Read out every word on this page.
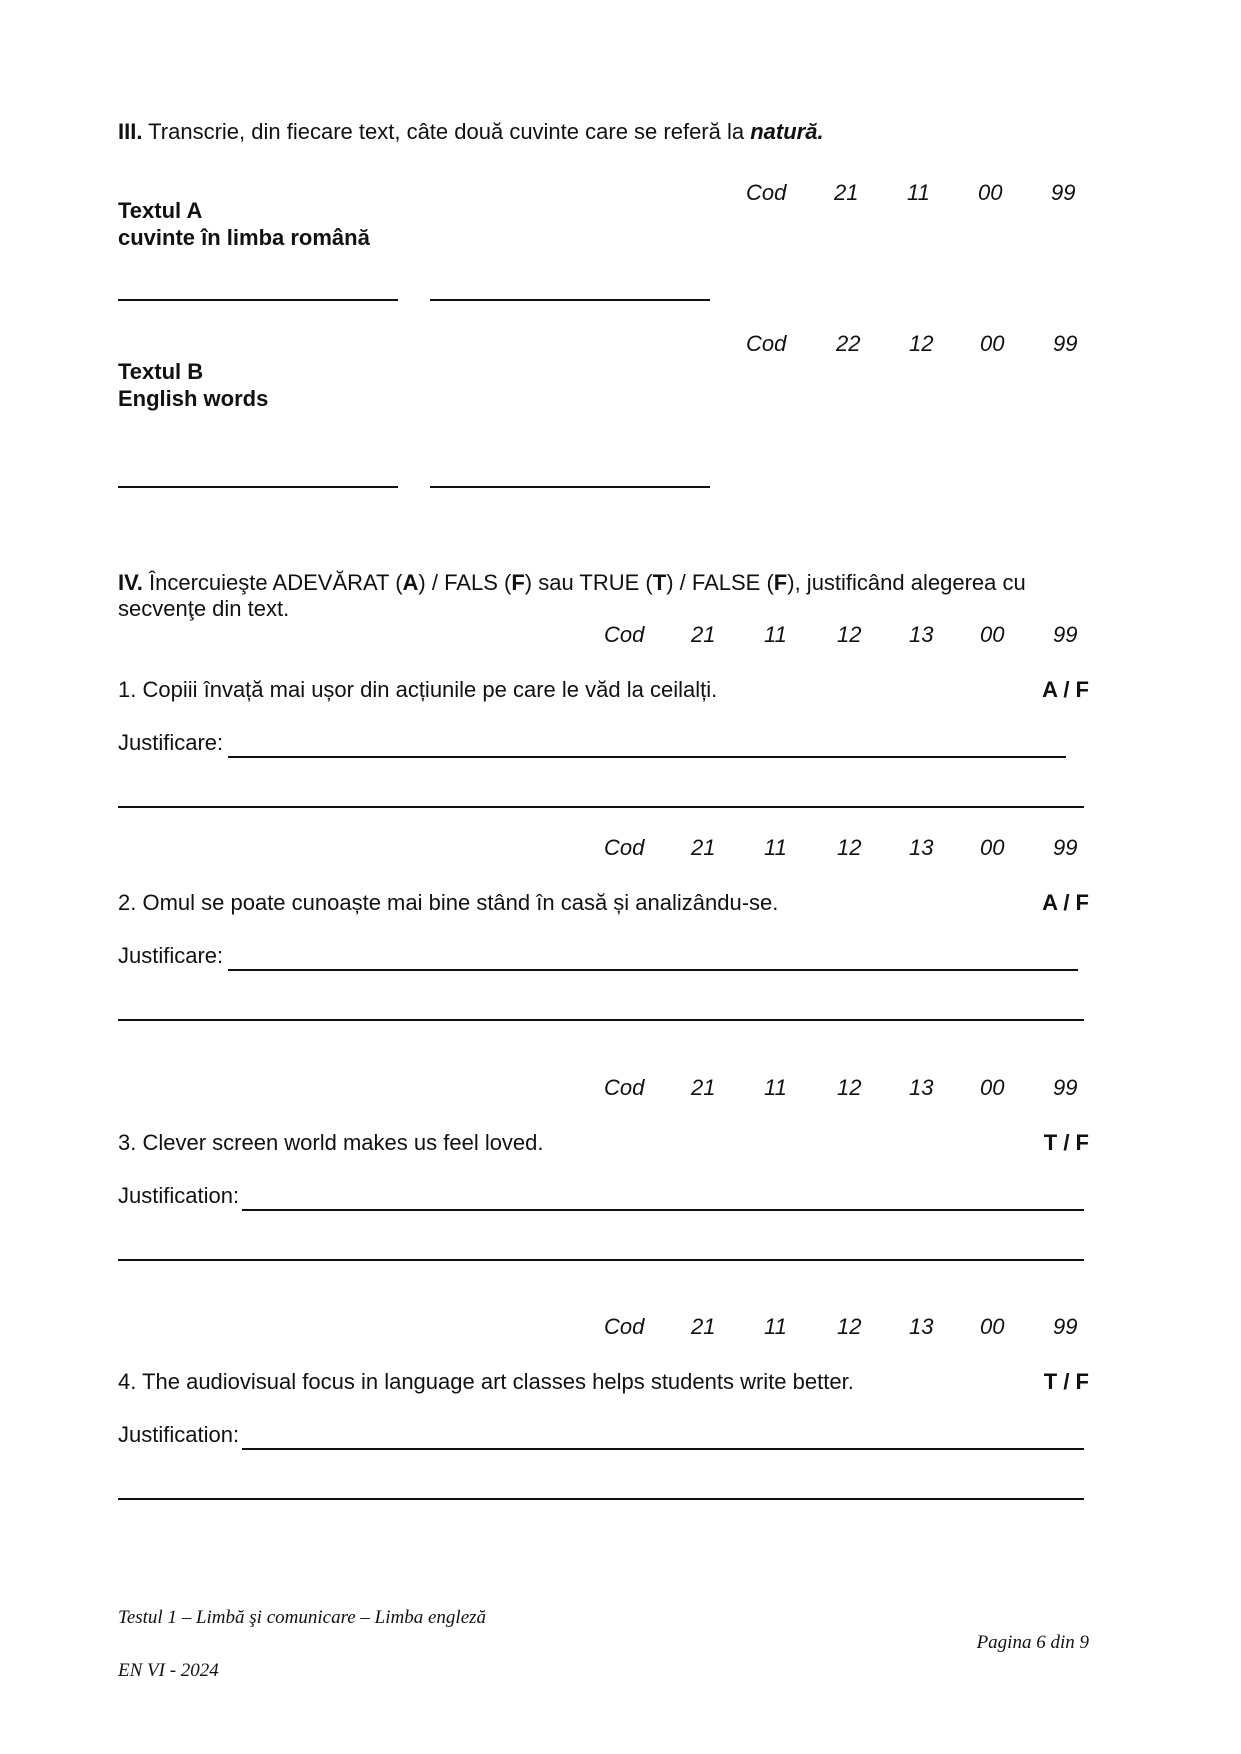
III. Transcrie, din fiecare text, câte două cuvinte care se referă la natură.
Cod 21 11 00 99
Textul A
cuvinte în limba română
Cod 22 12 00 99
Textul B
English words
IV. Încercuieşte ADEVĂRAT (A) / FALS (F) sau TRUE (T) / FALSE (F), justificând alegerea cu
secvenţe din text.
Cod 21 11 12 13 00 99
1. Copiii învață mai ușor din acțiunile pe care le văd la ceilalți.	A / F
Justificare:
Cod 21 11 12 13 00 99
2. Omul se poate cunoaște mai bine stând în casă și analizându-se.	A / F
Justificare:
Cod 21 11 12 13 00 99
3. Clever screen world makes us feel loved.	T / F
Justification:
Cod 21 11 12 13 00 99
4. The audiovisual focus in language art classes helps students write better.	T / F
Justification:
Testul 1 – Limbă şi comunicare – Limba engleză
Pagina 6 din 9
EN VI - 2024
